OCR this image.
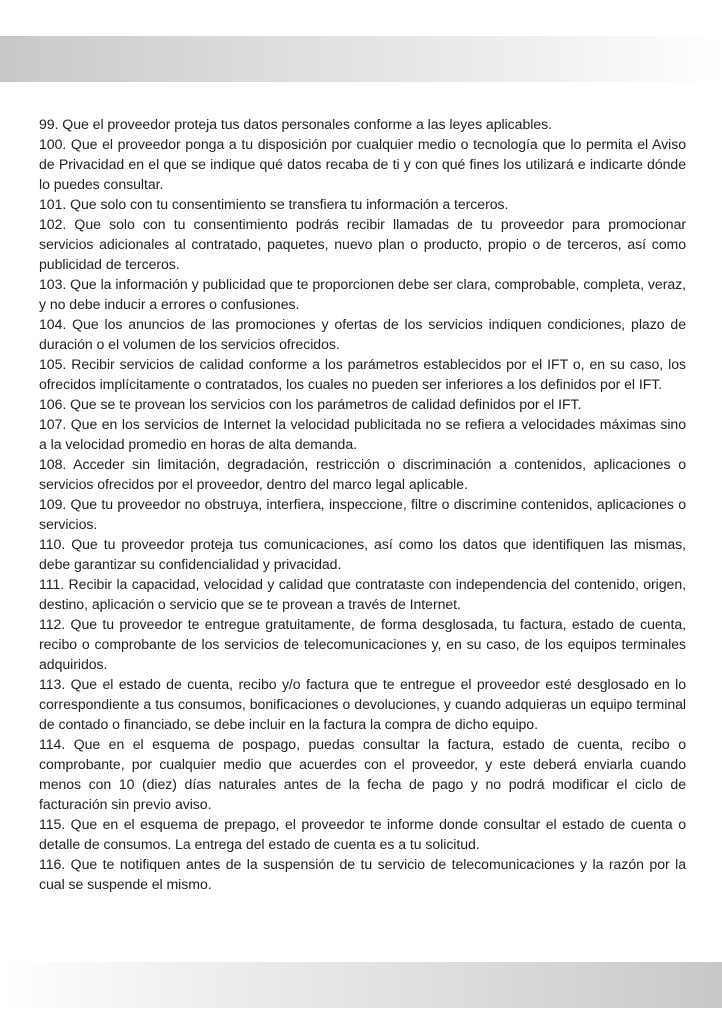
99. Que el proveedor proteja tus datos personales conforme a las leyes aplicables.

100. Que el proveedor ponga a tu disposición por cualquier medio o tecnología que lo permita el Aviso de Privacidad en el que se indique qué datos recaba de ti y con qué fines los utilizará e indicarte dónde lo puedes consultar.

101. Que solo con tu consentimiento se transfiera tu información a terceros.

102. Que solo con tu consentimiento podrás recibir llamadas de tu proveedor para promocionar servicios adicionales al contratado, paquetes, nuevo plan o producto, propio o de terceros, así como publicidad de terceros.

103. Que la información y publicidad que te proporcionen debe ser clara, comprobable, completa, veraz, y no debe inducir a errores o confusiones.

104. Que los anuncios de las promociones y ofertas de los servicios indiquen condiciones, plazo de duración o el volumen de los servicios ofrecidos.

105. Recibir servicios de calidad conforme a los parámetros establecidos por el IFT o, en su caso, los ofrecidos implícitamente o contratados, los cuales no pueden ser inferiores a los definidos por el IFT.

106. Que se te provean los servicios con los parámetros de calidad definidos por el IFT.

107. Que en los servicios de Internet la velocidad publicitada no se refiera a velocidades máximas sino a la velocidad promedio en horas de alta demanda.

108. Acceder sin limitación, degradación, restricción o discriminación a contenidos, aplicaciones o servicios ofrecidos por el proveedor, dentro del marco legal aplicable.

109. Que tu proveedor no obstruya, interfiera, inspeccione, filtre o discrimine contenidos, aplicaciones o servicios.

110. Que tu proveedor proteja tus comunicaciones, así como los datos que identifiquen las mismas, debe garantizar su confidencialidad y privacidad.

111. Recibir la capacidad, velocidad y calidad que contrataste con independencia del contenido, origen, destino, aplicación o servicio que se te provean a través de Internet.

112. Que tu proveedor te entregue gratuitamente, de forma desglosada, tu factura, estado de cuenta, recibo o comprobante de los servicios de telecomunicaciones y, en su caso, de los equipos terminales adquiridos.

113. Que el estado de cuenta, recibo y/o factura que te entregue el proveedor esté desglosado en lo correspondiente a tus consumos, bonificaciones o devoluciones, y cuando adquieras un equipo terminal de contado o financiado, se debe incluir en la factura la compra de dicho equipo.

114. Que en el esquema de pospago, puedas consultar la factura, estado de cuenta, recibo o comprobante, por cualquier medio que acuerdes con el proveedor, y este deberá enviarla cuando menos con 10 (diez) días naturales antes de la fecha de pago y no podrá modificar el ciclo de facturación sin previo aviso.

115. Que en el esquema de prepago, el proveedor te informe donde consultar el estado de cuenta o detalle de consumos. La entrega del estado de cuenta es a tu solicitud.

116. Que te notifiquen antes de la suspensión de tu servicio de telecomunicaciones y la razón por la cual se suspende el mismo.
